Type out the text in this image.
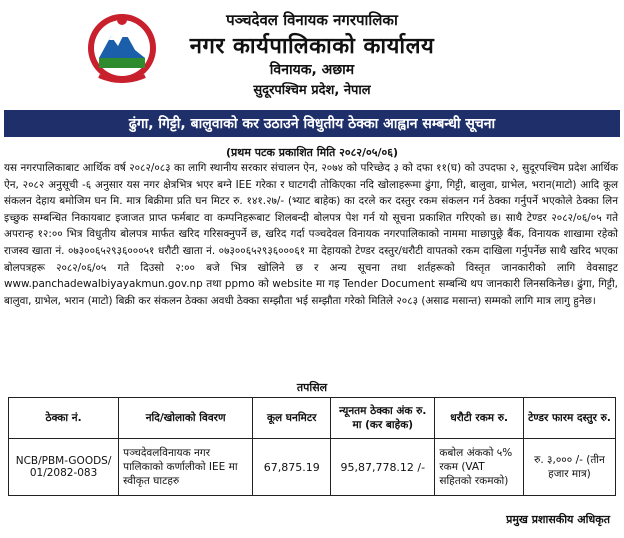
पञ्चदेवल विनायक नगरपालिका
नगर कार्यपालिकाको कार्यालय
विनायक, अछाम
सुदूरपश्चिम प्रदेश, नेपाल
ढुंगा, गिट्टी, बालुवाको कर उठाउने विधुतीय ठेक्का आह्वान सम्बन्धी सूचना
(प्रथम पटक प्रकाशित मिति २०८२/०५/०६)
यस नगरपालिकाबाट आर्थिक वर्ष २०८२/०८३ का लागि स्थानीय सरकार संचालन ऐन, २०७४ को परिच्छेद ३ को दफा ११(घ) को उपदफा २, सुदूरपश्चिम प्रदेश आर्थिक ऐन, २०८२ अनुसूची -६ अनुसार यस नगर क्षेत्रभित्र भएर बग्ने IEE गरेका र घाटगदी तोकिएका नदि खोलाहरूमा ढुंगा, गिट्टी, बालुवा, ग्राभेल, भरान(माटो) आदि कूल संकलन देहाय बमोजिम घन मि. मात्र बिक्रीमा प्रति घन मिटर रु. १४१.२७/- (भ्याट बाहेक) का दरले कर दस्तुर रकम संकलन गर्न ठेक्का गर्नुपर्ने भएकोले ठेक्का लिन इच्छुक सम्बन्धित निकायबाट इजाजत प्राप्त फर्मबाट वा कम्पनिहरूबाट शिलबन्दी बोलपत्र पेश गर्न यो सूचना प्रकाशित गरिएको छ। साथै टेण्डर २०८२/०६/०५ गते अपरान्ह १२:०० भित्र विधुतीय बोलपत्र मार्फत खरिद गरिसक्नुपर्ने छ, खरिद गर्दा पञ्चदेवल विनायक नगरपालिकाको नाममा माछापुछ्रे बैंक, विनायक शाखामा रहेको राजस्व खाता नं. ०७३००६५२९३६०००५१ धरौटी खाता नं. ०७३००६५२९३६०००६१ मा देहायको टेण्डर दस्तुर/धरौटी वापतको रकम दाखिला गर्नुपर्नेछ साथै खरिद भएका बोलपत्रहरू २०८२/०६/०५ गते दिउसो २:०० बजे भित्र खोलिने छ र अन्य सूचना तथा शर्तहरूको विस्तृत जानकारीको लागि वेवसाइट www.panchadewalbiyayakmun.gov.np तथा ppmo को website मा गइ Tender Document सम्बन्धि थप जानकारी लिनसकिनेछ। ढुंगा, गिट्टी, बालुवा, ग्राभेल, भरान (माटो) बिक्री कर संकलन ठेक्का अवधी ठेक्का सम्झौता भई सम्झौता गरेको मितिले २०८३ (असाढ मसान्त) सम्मको लागि मात्र लागु हुनेछ।
तपसिल
ठेक्का नं.	नदि/खोलाको विवरण	कूल घनमिटर	न्यूनतम ठेक्का अंक रु. मा (कर बाहेक)	धरौटी रकम रु.	टेण्डर फारम दस्तुर रु.
NCB/PBM-GOODS/ 01/2082-083	पञ्चदेवलविनायक नगर पालिकाको कर्णालीको IEE मा स्वीकृत घाटहरु	67,875.19	95,87,778.12 /-	कबोल अंकको ५% रकम (VAT सहितको रकमको)	रु. ३,००० /- (तीन हजार मात्र)
प्रमुख प्रशासकीय अधिकृत
